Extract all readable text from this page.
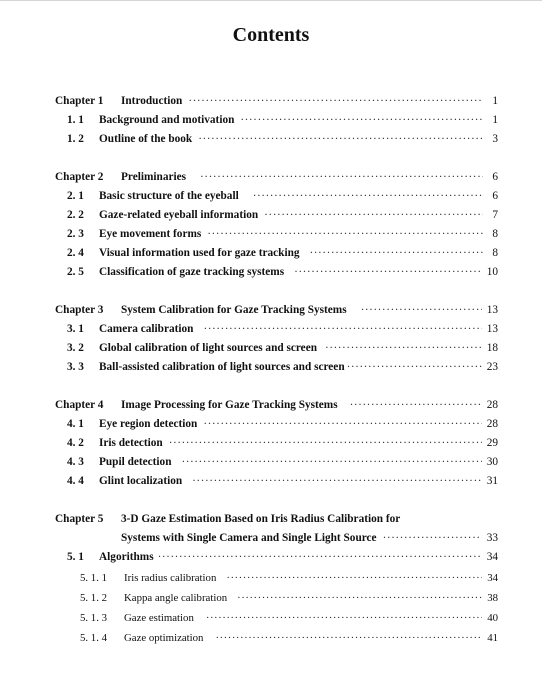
Contents
Chapter 1	Introduction ·····	1
1. 1	Background and motivation ·····	1
1. 2	Outline of the book ·····	3
Chapter 2	Preliminaries ·····	6
2. 1	Basic structure of the eyeball ·····	6
2. 2	Gaze-related eyeball information ·····	7
2. 3	Eye movement forms ·····	8
2. 4	Visual information used for gaze tracking ·····	8
2. 5	Classification of gaze tracking systems ·····	10
Chapter 3	System Calibration for Gaze Tracking Systems ·····	13
3. 1	Camera calibration ·····	13
3. 2	Global calibration of light sources and screen ·····	18
3. 3	Ball-assisted calibration of light sources and screen ·····	23
Chapter 4	Image Processing for Gaze Tracking Systems ·····	28
4. 1	Eye region detection ·····	28
4. 2	Iris detection ·····	29
4. 3	Pupil detection ·····	30
4. 4	Glint localization ·····	31
Chapter 5 3-D Gaze Estimation Based on Iris Radius Calibration for
Systems with Single Camera and Single Light Source ·····	33
5. 1	Algorithms ·····	34
5. 1. 1	Iris radius calibration ·····	34
5. 1. 2	Kappa angle calibration ·····	38
5. 1. 3	Gaze estimation ·····	40
5. 1. 4	Gaze optimization ·····	41
